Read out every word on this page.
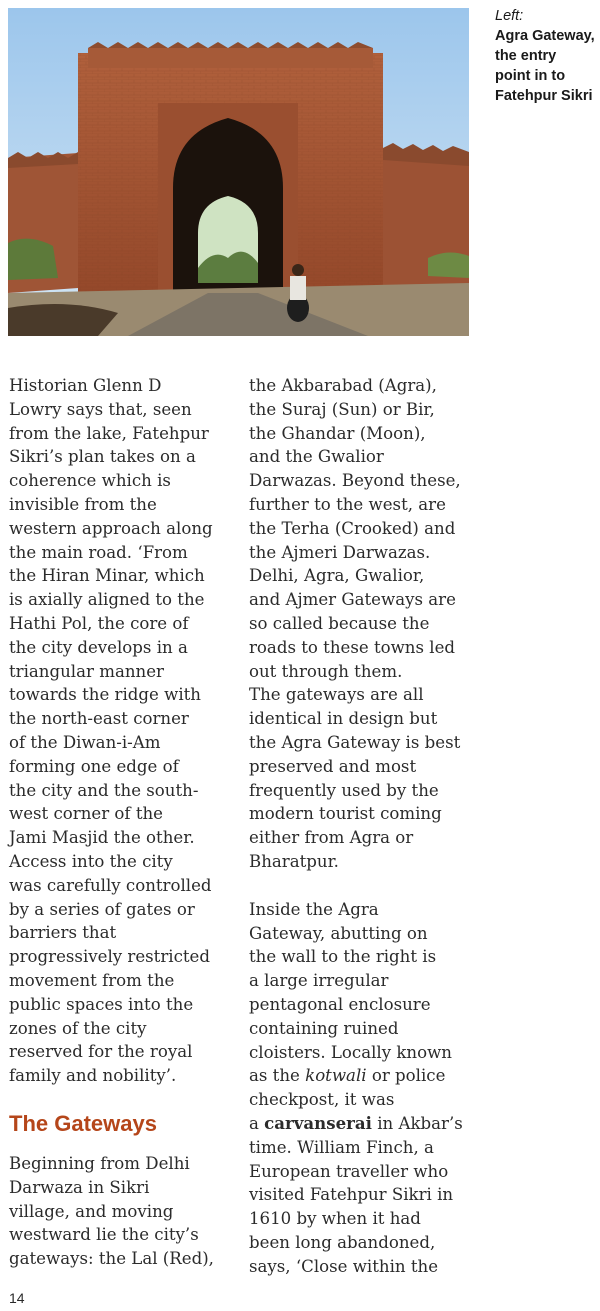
Left:
Agra Gateway, the entry point in to Fatehpur Sikri

Historian Glenn D
Lowry says that, seen
from the lake, Fatehpur
Sikri’s plan takes on a
coherence which is
invisible from the
western approach along
the main road. ‘From
the Hiran Minar, which
is axially aligned to the
Hathi Pol, the core of
the city develops in a
triangular manner
towards the ridge with
the north-east corner
of the Diwan-i-Am
forming one edge of
the city and the south-
west corner of the
Jami Masjid the other.
Access into the city
was carefully controlled
by a series of gates or
barriers that
progressively restricted
movement from the
public spaces into the
zones of the city
reserved for the royal
family and nobility’.

The Gateways

Beginning from Delhi
Darwaza in Sikri
village, and moving
westward lie the city’s
gateways: the Lal (Red),

the Akbarabad (Agra),
the Suraj (Sun) or Bir,
the Ghandar (Moon),
and the Gwalior
Darwazas. Beyond these,
further to the west, are
the Terha (Crooked) and
the Ajmeri Darwazas.
Delhi, Agra, Gwalior,
and Ajmer Gateways are
so called because the
roads to these towns led
out through them.
The gateways are all
identical in design but
the Agra Gateway is best
preserved and most
frequently used by the
modern tourist coming
either from Agra or
Bharatpur.

Inside the Agra
Gateway, abutting on
the wall to the right is
a large irregular
pentagonal enclosure
containing ruined
cloisters. Locally known
as the kotwali or police
checkpost, it was
a carvanserai in Akbar’s
time. William Finch, a
European traveller who
visited Fatehpur Sikri in
1610 by when it had
been long abandoned,
says, ‘Close within the

14
